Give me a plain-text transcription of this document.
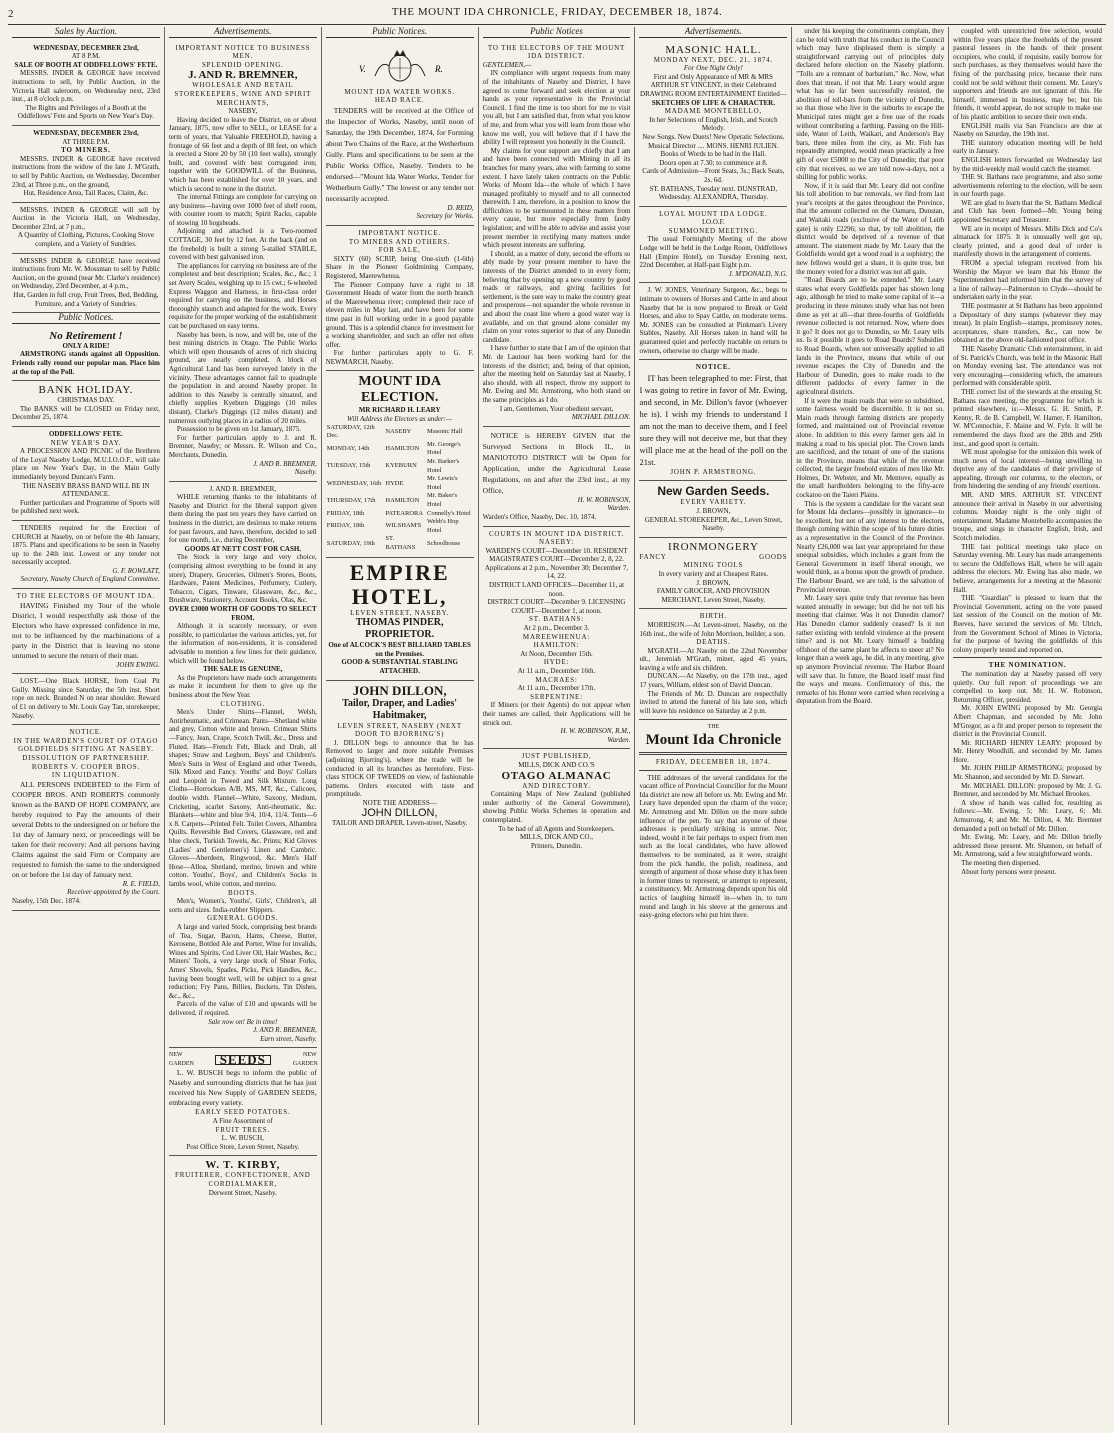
2	THE MOUNT IDA CHRONICLE, FRIDAY, DECEMBER 18, 1874.
Sales by Auction.
WEDNESDAY, DECEMBER 23rd,
AT 8 P.M.
SALE OF BOOTH AT ODDFELLOWS' FETE.

MESSRS. INDER & GEORGE have received instructions to sell, by Public Auction, in the Victoria Hall saleroom, on Wednesday next, 23rd inst., at 8 o'clock p.m.

The Rights and Privileges of a Booth at the Oddfellows' Fete and Sports on New Year's Day.
WEDNESDAY, DECEMBER 23rd,
AT THREE P.M.
TO MINERS.

MESSRS. INDER & GEORGE have received instructions from the widow of the late J. M'Grath, to sell by Public Auction, on Wednesday, December 23rd, at Three p.m., on the ground,

Hut, Residence Area, Tail Races, Claim, &c.

MESSRS. INDER & GEORGE will sell by Auction in the Victoria Hall, on Wednesday, December 23rd, at 7 p.m.,

A Quantity of Clothing, Pictures, Cooking Stove complete, and a Variety of Sundries.

MESSRS INDER & GEORGE have received instructions from Mr. W. Mossman to sell by Public Auction, on the ground (near Mr. Clarke's residence) on Wednesday, 23rd December, at 4 p.m.,

Hut, Garden in full crop, Fruit Trees, Bed, Bedding, Furniture, and a Variety of Sundries.
Public Notices.
No Retirement !
ONLY A RIDE!

ARMSTRONG stands against all Opposition. Friends rally round our popular man. Place him at the top of the Poll.

BANK HOLIDAY.
CHRISTMAS DAY.

The BANKS will be CLOSED on Friday next, December 25, 1874.

ODDFELLOWS' FETE.
NEW YEAR'S DAY.

A PROCESSION AND PICNIC of the Brethren of the Loyal Naseby Lodge, M.U.I.O.O.F., will take place on New Year's Day, in the Main Gully immediately beyond Duncan's Farm.

THE NASEBY BRASS BAND WILL BE IN ATTENDANCE.

Further particulars and Programme of Sports will be published next week.

TENDERS required for the Erection of CHURCH at Naseby, on or before the 4th January, 1875. Plans and specifications to be seen in Naseby up to the 24th inst. Lowest or any tender not necessarily accepted.

G. F. ROWLATT,
Secretary, Naseby Church of England Committee.
TO THE ELECTORS OF MOUNT IDA.

HAVING Finished my Tour of the whole District, I would respectfully ask those of the Electors who have expressed confidence in me, not to be influenced by the machinations of a party in the District that is leaving no stone unturned to secure the return of their man.

JOHN EWING.

LOST.—One Black HORSE, from Coal Pit Gully. Missing since Saturday, the 5th inst. Short rope on neck. Branded N on near shoulder. Reward of £1 on delivery to Mr. Louis Gay Tan, storekeeper, Naseby.

NOTICE.
IN THE WARDEN'S COURT OF OTAGO GOLDFIELDS SITTING AT NASEBY.
DISSOLUTION OF PARTNERSHIP.
ROBERTS V. COOPER BROS.
IN LIQUIDATION.

ALL PERSONS INDEBTED to the Firm of COOPER BROS. AND ROBERTS commonly known as the BAND OF HOPE COMPANY, are hereby required to Pay the amounts of their several Debts to the undersigned on or before the 1st day of January next, or proceedings will be taken for their recovery: And all persons having Claims against the said Firm or Company are requested to furnish the same to the undersigned on or before the 1st day of January next.

R. E. FIELD,
Receiver appointed by the Court.
Naseby, 15th Dec. 1874.
Advertisements.
IMPORTANT NOTICE TO BUSINESS MEN.
SPLENDID OPENING.
J. AND R. BREMNER,
WHOLESALE AND RETAIL STOREKEEPERS, WINE AND SPIRIT MERCHANTS,
NASEBY,

Having decided to leave the District, on or about January, 1875, now offer to SELL, or LEASE for a term of years, that Valuable FREEHOLD, having a frontage of 66 feet and a depth of 88 feet, on which is erected a Store 20 by 50 (10 feet walls), strongly built, and covered with best corrugated iron; together with the GOODWILL of the Business, which has been established for over 10 years, and which is second to none in the district.

The internal Fittings are complete for carrying on any business—having over 1000 feet of shelf room, with counter room to match; Spirit Racks, capable of stowing 10 hogsheads.

Adjoining and attached is a Two-roomed COTTAGE, 30 feet by 12 feet. At the back (and on the freehold) is built a strong 5-stalled STABLE, covered with best galvanised iron.

The appliances for carrying on business are of the completest and best description; Scales, &c., &c.; 1 set Avery Scales, weighing up to 15 cwt.; 6-wheeled Express Waggon and Harness, in first-class order required for carrying on the business, and Horses thoroughly staunch and adapted for the work. Every requisite for the proper working of the establishment can be purchased on easy terms.

Naseby has been, is now, and will be, one of the best mining districts in Otago. The Public Works which will open thousands of acres of rich sluicing ground, are nearly completed. A block of Agricultural Land has been surveyed lately in the vicinity. These advantages cannot fail to quadruple the population in and around Naseby proper. In addition to this Naseby is centrally situated, and chiefly supplies Kyeburn Diggings (10 miles distant), Clarke's Diggings (12 miles distant) and numerous outlying places in a radius of 20 miles.

Possession to be given on 1st January, 1875.

For further particulars apply to J. and R. Bremner, Naseby; or Messrs. R. Wilson and Co., Merchants, Dunedin.

J. AND R. BREMNER,
Naseby.
J. AND R. BREMNER,

WHILE returning thanks to the inhabitants of Naseby and District for the liberal support given them during the past ten years they have carried on business in the district, are desirous to make returns for past favours, and have, therefore, decided to sell for one month, i.e., during December,

GOODS AT NETT COST FOR CASH.

The Stock is very large and very choice, (comprising almost everything to be found in any store), Drapery, Groceries, Oilmen's Stores, Boots, Hardware, Patent Medicines, Perfumery, Cutlery, Tobacco, Cigars, Tinware, Glassware, &c., &c., Brushware, Stationery, Account Books, Olas, &c.

OVER £3000 WORTH OF GOODS TO SELECT FROM.

Although it is scarcely necessary, or even possible, to particularise the various articles, yet, for the information of non-residents, it is considered advisable to mention a few lines for their guidance, which will be found below.

THE SALE IS GENUINE,

As the Proprietors have made such arrangements as make it incumbent for them to give up the business about the New Year.

CLOTHING.

Men's Under Shirts—Flannel, Welsh, Antirheumatic, and Crimean. Pants—Shetland white and grey, Cotton white and brown. Crimean Shirts—Fancy, Jean, Crape, Scotch Twill, &c., Dress and Fluted. Hats—French Felt, Black and Drab, all shapes; Straw and Leghorn, Boys' and Children's. Men's Suits in West of England and other Tweeds, Silk Mixed and Fancy. Youths' and Boys' Collars and Leopold in Tweed and Silk Mixture. Long Cloths—Horrockses A/B, MS, MT, &c., Calicoes, double width. Flannel—White, Saxony, Medium, Cricketing, scarlet Saxony, Anti-rheumatic, &c. Blankets—white and blue 9/4, 10/4, 11/4. Tents—6 x 8. Carpets—Printed Felt. Toilet Covers, Alhambra Quilts. Reversible Bed Covers, Glassware, red and blue check, Turkish Towels, &c. Prints; Kid Gloves (Ladies' and Gentlemen's) Linen and Cambric. Gloves—Aberdeen, Ringwood, &c. Men's Half Hose—Alloa, Shetland, merino, brown and white cotton. Youths', Boys', and Children's Socks in lambs wool, white cotton, and merino.

BOOTS.

Men's, Women's, Youths', Girls', Children's, all sorts and sizes. India-rubber Slippers.

GENERAL GOODS.

A large and varied Stock, comprising best brands of Tea, Sugar, Bacon, Hams, Cheese, Butter, Kerosene, Bottled Ale and Porter, Wine for invalids, Wines and Spirits, Cod Liver Oil, Hair Washes, &c.; Miners' Tools, a very large stock of Shear Forks, Ames' Shovels, Spades, Picks, Pick Handles, &c., having been bought well, will be subject to a great reduction; Fry Pans, Billies, Buckets, Tin Dishes, &c., &c.,

Parcels of the value of £10 and upwards will be delivered, if required.

Sale now on! Be in time!
J. AND R. BREMNER,
Earn street, Naseby.
NEW GARDEN	SEEDS	NEW GARDEN

L. W. BUSCH begs to inform the public of Naseby and surrounding districts that he has just received his New Supply of GARDEN SEEDS, embracing every variety.

EARLY SEED POTATOES.
A Fine Assortment of
FRUIT TREES.
L. W. BUSCH,
Post Office Store, Leven Street, Naseby.
W. T. KIRBY,
FRUITERER, CONFECTIONER, AND CORDIALMAKER,
Derwent Street, Naseby.
Public Notices.
V.	R.
MOUNT IDA WATER WORKS.
HEAD RACE.

TENDERS will be received at the Office of the Inspector of Works, Naseby, until noon of Saturday, the 19th December, 1874, for Forming about Two Chains of the Race, at the Wetherburn Gully. Plans and specifications to be seen at the Public Works Office, Naseby. Tenders to be endorsed—"Mount Ida Water Works, Tender for Wetherburn Gully." The lowest or any tender not necessarily accepted.

D. REID,
Secretary for Works.
IMPORTANT NOTICE.
TO MINERS AND OTHERS.
FOR SALE,

SIXTY (60) SCRIP, being One-sixth (1-6th) Share in the Pioneer Goldmining Company, Registered, Maerewhenua.

The Pioneer Company have a right to 18 Government Heads of water from the north branch of the Maerewhenua river; completed their race of eleven miles in May last, and have been for some time past in full working order in a good payable ground. This is a splendid chance for investment for a working shareholder, and such an offer not often offer.

For further particulars apply to G. F. NEWMARCH, Naseby.

MOUNT IDA ELECTION.
MR RICHARD H. LEARY
Will Address the Electors as under:—
SATURDAY, 12th Dec.	NASEBY	Masonic Hall
MONDAY, 14th	HAMILTON	Mr. George's Hotel
TUESDAY, 15th	KYEBURN	Mr. Barker's Hotel
WEDNESDAY, 16th	HYDE	Mr. Lewis's Hotel
THURSDAY, 17th	HAMILTON	Mr. Baker's Hotel
FRIDAY, 18th	PATEARORA	Connelly's Hotel
FRIDAY, 18th	WILSHAM'S	Webb's Hop Hotel
SATURDAY, 19th	ST. BATHANS	Schoolhouse
EMPIRE HOTEL,
LEVEN STREET, NASEBY.
THOMAS PINDER, PROPRIETOR.
One of ALCOCK'S BEST BILLIARD TABLES on the Premises.
GOOD & SUBSTANTIAL STABLING ATTACHED.
JOHN DILLON,
Tailor, Draper, and Ladies' Habitmaker,
LEVEN STREET, NASEBY (NEXT DOOR TO BJORRING'S)

J. DILLON begs to announce that he has Removed to larger and more suitable Premises (adjoining Bjorring's), where the trade will be conducted in all its branches as heretofore. First-class STOCK OF TWEEDS on view, of fashionable patterns. Orders executed with taste and promptitude.

NOTE THE ADDRESS—
JOHN DILLON,
TAILOR AND DRAPER, Leven-street, Naseby.
Public Notices
TO THE ELECTORS OF THE MOUNT IDA DISTRICT.
GENTLEMEN,—

IN compliance with urgent requests from many of the inhabitants of Naseby and District, I have agreed to come forward and seek election at your hands as your representative in the Provincial Council. I find the time is too short for me to visit you all, but I am satisfied that, from what you know of me, and from what you will learn from those who know me well, you will believe that if I have the ability I will represent you honestly in the Council.

My claims for your support are chiefly that I am and have been connected with Mining in all its branches for many years, also with farming to some extent. I have lately taken contracts on the Public Works of Mount Ida—the whole of which I have managed profitably to myself and to all connected therewith. I am, therefore, in a position to know the difficulties to be surmounted in these matters from every cause, but more especially from faulty legislation; and will be able to advise and assist your present member in rectifying many matters under which present interests are suffering.

I should, as a matter of duty, second the efforts so ably made by your present member to have the interests of the District attended to in every form; believing that by opening up a new country by good roads or railways, and giving facilities for settlement, is the sure way to make the country great and prosperous—not squander the whole revenue in and about the coast line where a good water way is available, and on that ground alone consider my claim on your votes superior to that of any Dunedin candidate.

I have further to state that I am of the opinion that Mr. de Lautour has been working hard for the interests of the district; and, being of that opinion, after the meeting held on Saturday last at Naseby, I also should, with all respect, throw my support to Mr. Ewing and Mr. Armstrong, who both stand on the same principles as I do.

I am, Gentlemen, Your obedient servant,
MICHAEL DILLON.

NOTICE is HEREBY GIVEN that the Surveyed Sections in Block II., in MANIOTOTO DISTRICT will be Open for Application, under the Agricultural Lease Regulations, on and after the 23rd inst., at my Office,

H. W. ROBINSON,
Warden.
Warden's Office, Naseby, Dec. 10, 1874.
COURTS IN MOUNT IDA DISTRICT.
NASEBY:
WARDEN'S COURT—December 10. RESIDENT MAGISTRATE'S COURT—December 2, 8, 22.
Applications at 2 p.m., November 30; December 7, 14, 22.
DISTRICT LAND OFFICES—December 11, at noon.
DISTRICT COURT—December 9. LICENSING COURT—December 1, at noon.
ST. BATHANS:
At 2 p.m., December 3.
MAREEWHENUA:
HAMILTON:
At Noon, December 15th.
HYDE:
At 11 a.m., December 16th.
MACRAES:
At 11 a.m., December 17th.
SERPENTINE:

If Miners (or their Agents) do not appear when their names are called, their Applications will be struck out.

H. W. ROBINSON, R.M.,
Warden.
JUST PUBLISHED,
MILLS, DICK AND CO.'S
OTAGO ALMANAC
AND DIRECTORY.

Containing Maps of New Zealand (published under authority of the General Government), showing Public Works Schemes in operation and contemplated.

To be had of all Agents and Storekeepers.
MILLS, DICK AND CO.,
Printers, Dunedin.
Advertisements.
MASONIC HALL.
MONDAY NEXT, DEC. 21, 1874.
For One Night Only!
First and Only Appearance of MR & MRS ARTHUR ST VINCENT, in their Celebrated DRAWING ROOM ENTERTAINMENT Entitled—
SKETCHES OF LIFE & CHARACTER.
MADAME MONTEBELLO,
In her Selections of English, Irish, and Scotch Melody.
New Songs. New Duets! New Operatic Selections.
Musical Director .... MONS. HENRI JULIEN.
Books of Words to be had in the Hall.
Doors open at 7.30; to commence at 8.
Cards of Admission—Front Seats, 3s.; Back Seats, 2s. 6d.
ST. BATHANS, Tuesday next. DUNSTRAD, Wednesday. ALEXANDRA, Thursday.
LOYAL MOUNT IDA LODGE.
I.O.O.F.
SUMMONED MEETING.

The usual Fortnightly Meeting of the above Lodge will be held in the Lodge Room, Oddfellows Hall (Empire Hotel), on Tuesday Evening next, 22nd December, at Half-past Eight p.m.

J. M'DONALD, N.G.

J. W. JONES, Veterinary Surgeon, &c., begs to intimate to owners of Horses and Cattle in and about Naseby that he is now prepared to Break or Geld Horses, and also to Spay Cattle, on moderate terms. Mr. JONES can be consulted at Pinkman's Livery Stables, Naseby. All Horses taken in hand will be guaranteed quiet and perfectly tractable on return to owners, otherwise no charge will be made.

NOTICE.

IT has been telegraphed to me: First, that I was going to retire in favor of Mr. Ewing, and second, in Mr. Dillon's favor (whoever he is). I wish my friends to understand I am not the man to deceive them, and I feel sure they will not deceive me, but that they will place me at the head of the poll on the 21st.

JOHN P. ARMSTRONG.
New Garden Seeds.
EVERY VARIETY.
J. BROWN,
GENERAL STOREKEEPER, &c., Leven Street, Naseby.
IRONMONGERY
FANCY	GOODS
MINING TOOLS
In every variety and at Cheapest Rates.
J. BROWN,
FAMILY GROCER, AND PROVISION MERCHANT, Leven Street, Naseby.
BIRTH.

MORRISON.—At Leven-street, Naseby, on the 16th inst., the wife of John Morrison, builder, a son.

DEATHS.

M'GRATH.—At Naseby on the 22nd November ult., Jeremiah M'Grath, miner, aged 45 years, leaving a wife and six children.

DUNCAN.—At Naseby, on the 17th inst., aged 17 years, William, eldest son of David Duncan.

The Friends of Mr. D. Duncan are respectfully invited to attend the funeral of his late son, which will leave his residence on Saturday at 2 p.m.

THE
Mount Ida Chronicle
FRIDAY, DECEMBER 18, 1874.

THE addresses of the several candidates for the vacant office of Provincial Councillor for the Mount Ida district are now all before us. Mr. Ewing and Mr. Leary have depended upon the charm of the voice; Mr. Armstrong and Mr. Dillon on the more subtle influence of the pen. To say that anyone of these addresses is peculiarly striking is untrue. Nor, indeed, would it be fair perhaps to expect from men such as the local candidates, who have allowed themselves to be nominated, as it were, straight from the pick handle, the polish, readiness, and strength of argument of those whose duty it has been in former times to represent, or attempt to represent, a constituency. Mr. Armstrong depends upon his old tactics of laughing himself in—when in, to turn round and laugh in his sleeve at the generous and easy-going electors who put him there.

under his keeping the constituents complain, they can be told with truth that his conduct in the Council which may have displeased them is simply a straightforward carrying out of principles duly declared before election on the Naseby platform. "Tolls are a remnant of barbarism," &c. Now, what does that mean, if not that Mr. Leary would argue what has so far been successfully resisted, the abolition of toll-bars from the vicinity of Dunedin, so that those who live in the suburbs to escape the Municipal rates might get a free use of the roads without contributing a farthing. Passing on the Hill-side, Water of Leith, Waikari, and Anderson's Bay bars, three miles from the city, as Mr. Fish has repeatedly attempted, would mean practically a free gift of over £5000 to the City of Dunedin; that poor city that receives, so we are told now-a-days, not a shilling for public works.

Now, if it is said that Mr. Leary did not confine his toll abolition to bar removals, we find from last year's receipts at the gates throughout the Province, that the amount collected on the Oamaru, Dunstan, and Waitaki roads (exclusive of the Water of Leith gate) is only £2296; so that, by toll abolition, the district would be deprived of a revenue of that amount. The statement made by Mr. Leary that the Goldfields would get a wood road is a sophistry; the new fellows would get a share, it is quite true, but the money voted for a district was not all gain.

"Road Boards are to be extended." Mr. Leary states what every Goldfields paper has shown long ago, although he tried to make some capital of it—a producing in three minutes study what has not been done as yet at all—that three-fourths of Goldfields revenue collected is not returned. Now, where does it go? It does not go to Dunedin, so Mr. Leary tells us. Is it possible it goes to Road Boards? Subsidies to Road Boards, when not universally applied to all lands in the Province, means that while of our revenue escapes the City of Dunedin and the Harbour of Dunedin, goes to make roads to the different paddocks of every farmer in the agricultural districts.

If it were the main roads that were so subsidised, some fairness would be discernible. It is not so. Main roads through farming districts are properly formed, and maintained out of Provincial revenue alone. In addition to this every farmer gets aid in making a road to his special plot. The Crown lands are sacrificed, and the tenant of one of the stations in the Province, means that while of the revenue collected, the larger freehold estates of men like Mr. Holmes, Dr. Webster, and Mr. Mentove, equally as the small hardholders belonging to the fifty-acre cockatoo on the Taieri Plains.

This is the system a candidate for the vacant seat for Mount Ida declares—possibly in ignorance—to be excellent, but not of any interest to the electors, though coming within the scope of his future duties as a representative in the Council of the Province. Nearly £26,000 was last year appropriated for these unequal subsidies, which includes a grant from the General Government in itself liberal enough, we would think, as a bonus upon the growth of produce. The Harbour Board, we are told, is the salvation of Provincial revenue.

Mr. Leary says quite truly that revenue has been wasted annually in sewage; but did he not tell his meeting that claimer. Was it not Dunedin clamor? Has Dunedin clamor suddenly ceased? Is it not rather existing with tenfold virulence at the present time? and is not Mr. Leary himself a budding offshoot of the same plant he affects to sneer at? No longer than a week ago, he did, in any meeting, give up anymore Provincial revenue. The Harbor Board will save that. In future, the Board itself must find the ways and means. Confirmatory of this, the remarks of his Honor were carried when receiving a deputation from the Board.

coupled with unrestricted free selection, would within five years place the freeholds of the present pastoral lessees in the hands of their present occupiers, who could, if requisite, easily borrow for such purchases, as they themselves would have the fixing of the purchasing price, because their runs could not be sold without their consent. Mr. Leary's supporters and friends are not ignorant of this. He himself, immersed in business, may be; but his friends, it would appear, do not scruple to make use of his plastic ambition to secure their own ends.

ENGLISH mails via San Francisco are due at Naseby on Saturday, the 19th inst.

THE statutory education meeting will be held early in January.

ENGLISH letters forwarded on Wednesday last by the mid-weekly mail would catch the steamer.

THE St. Bathans race programme, and also some advertisements referring to the election, will be seen in our fourth page.

WE are glad to learn that the St. Bathans Medical and Club has been formed—Mr. Young being appointed Secretary and Treasurer.

WE are in receipt of Messrs. Mills Dick and Co's almanack for 1875. It is unusually well got up, clearly printed, and a good deal of order is manifestly shown in the arrangement of contents.

FROM a special telegram received from his Worship the Mayor we learn that his Honor the Superintendent had informed him that the survey of a line of railway—Palmerston to Clyde—should be undertaken early in the year.

THE postmaster at St Bathans has been appointed a Depositary of duty stamps (whatever they may mean). In plain English—stamps, promissory notes, acceptances, share transfers, &c., can now be obtained at the above old-fashioned post office.

THE Naseby Dramatic Club entertainment, in aid of St. Patrick's Church, was held in the Masonic Hall on Monday evening last. The attendance was not very encouraging—considering which, the amateurs performed with considerable spirit.

THE correct list of the stewards at the ensuing St. Bathans race meeting, the programme for which is printed elsewhere, is:—Messrs. G. H. Smith, P. Kenny, R. de B. Campbell, W. Hamer, F. Hamilton, W. M'Connochie, F. Maine and W. Fyfe. It will be remembered the days fixed are the 28th and 29th inst., and good sport is certain.

WE must apologise for the omission this week of much news of local interest—being unwilling to deprive any of the candidates of their privilege of appealing, through our columns, to the electors, or from hindering the sending of any friends' exertions.

MR. AND MRS. ARTHUR ST. VINCENT announce their arrival in Naseby in our advertising columns. Monday night is the only night of entertainment. Madame Montebello accompanies the troupe, and sings in character English, Irish, and Scotch melodies.

THE last political meetings take place on Saturday evening. Mr. Leary has made arrangements to secure the Oddfellows Hall, where he will again address the electors. Mr. Ewing has also made, we believe, arrangements for a meeting at the Masonic Hall.

THE "Guardian" is pleased to learn that the Provincial Government, acting on the vote passed last session of the Council on the motion of Mr. Reeves, have secured the services of Mr. Ulrich, from the Government School of Mines in Victoria, for the purpose of having the goldfields of this colony properly tested and reported on.

THE NOMINATION.

The nomination day at Naseby passed off very quietly. Our full report of proceedings we are compelled to keep out. Mr. H. W. Robinson, Returning Officer, presided.

Mr. JOHN EWING proposed by Mr. Georgia Albert Chapman, and seconded by Mr. John M'Gregor, as a fit and proper person to represent the district in the Provincial Council.

Mr. RICHARD HENRY LEARY: proposed by Mr. Henry Woodhill, and seconded by Mr. James Hore.

Mr. JOHN PHILIP ARMSTRONG; proposed by Mr. Shannon, and seconded by Mr. D. Stewart.

Mr. MICHAEL DILLON: proposed by Mr. J. G. Bremner, and seconded by Mr. Michael Brookes.

A show of hands was called for, resulting as follows:—Mr. Ewing, 5; Mr. Leary, 6; Mr. Armstrong, 4; and Mr. M. Dillon, 4. Mr. Bremner demanded a poll on behalf of Mr. Dillon.

Mr. Ewing, Mr. Leary, and Mr. Dillon briefly addressed those present. Mr. Shannon, on behalf of Mr. Armstrong, said a few straightforward words.

The meeting then dispersed.

About forty persons were present.
